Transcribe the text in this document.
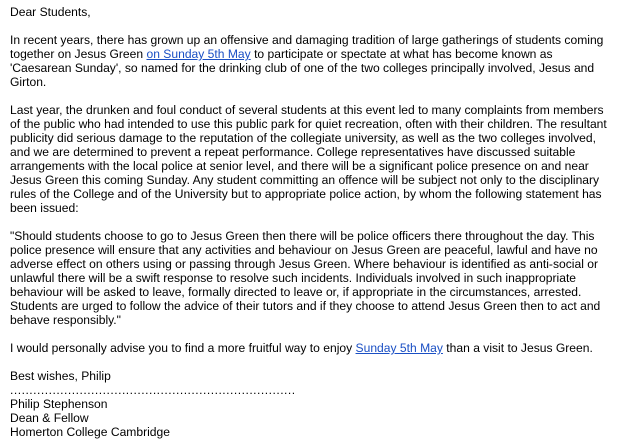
Dear Students,

In recent years, there has grown up an offensive and damaging tradition of large gatherings of students coming together on Jesus Green on Sunday 5th May to participate or spectate at what has become known as 'Caesarean Sunday', so named for the drinking club of one of the two colleges principally involved, Jesus and Girton.

Last year, the drunken and foul conduct of several students at this event led to many complaints from members of the public who had intended to use this public park for quiet recreation, often with their children. The resultant publicity did serious damage to the reputation of the collegiate university, as well as the two colleges involved, and we are determined to prevent a repeat performance. College representatives have discussed suitable arrangements with the local police at senior level, and there will be a significant police presence on and near Jesus Green this coming Sunday. Any student committing an offence will be subject not only to the disciplinary rules of the College and of the University but to appropriate police action, by whom the following statement has been issued:

"Should students choose to go to Jesus Green then there will be police officers there throughout the day. This police presence will ensure that any activities and behaviour on Jesus Green are peaceful, lawful and have no adverse effect on others using or passing through Jesus Green. Where behaviour is identified as anti-social or unlawful there will be a swift response to resolve such incidents. Individuals involved in such inappropriate behaviour will be asked to leave, formally directed to leave or, if appropriate in the circumstances, arrested. Students are urged to follow the advice of their tutors and if they choose to attend Jesus Green then to act and behave responsibly."

I would personally advise you to find a more fruitful way to enjoy Sunday 5th May than a visit to Jesus Green.

Best wishes, Philip

..........................................................................

Philip Stephenson

Dean & Fellow

Homerton College Cambridge
